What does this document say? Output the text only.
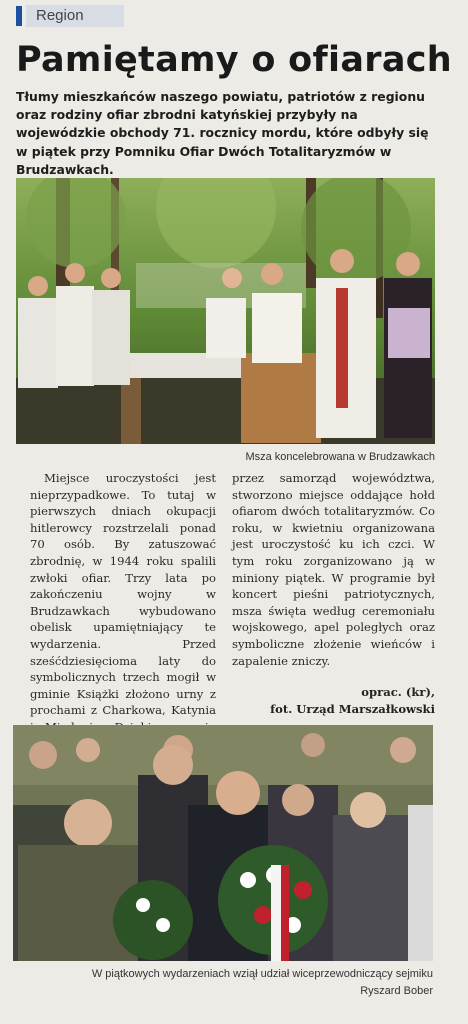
Region
Pamiętamy o ofiarach

Tłumy mieszkańców naszego powiatu, patriotów z regionu oraz rodziny ofiar zbrodni katyńskiej przybyły na wojewódzkie obchody 71. rocznicy mordu, które odbyły się w piątek przy Pomniku Ofiar Dwóch Totalitaryzmów w Brudzawkach.

Msza koncelebrowana w Brudzawkach

Miejsce uroczystości jest nieprzypadkowe. To tutaj w pierwszych dniach okupacji hitlerowcy rozstrzelali ponad 70 osób. By zatuszować zbrodnię, w 1944 roku spalili zwłoki ofiar. Trzy lata po zakończeniu wojny w Brudzawkach wybudowano obelisk upamiętniający te wydarzenia. Przed sześćdziesięcioma laty do symbolicznych trzech mogił w gminie Książki złożono urny z prochami z Charkowa, Katynia

przez samorząd województwa, stworzono miejsce oddające hołd ofiarom dwóch totalitaryzmów. Co roku, w kwietniu organizowana jest uroczystość ku ich czci. W tym roku zorganizowano ją w miniony piątek. W programie był koncert pieśni patriotycznych, msza święta według ceremoniału wojskowego, apel poległych oraz symboliczne złożenie wieńców i zapalenie zniczy.

oprac. (kr),
fot. Urząd Marszałkowski
W piątkowych wydarzeniach wziął udział wiceprzewodniczący sejmiku
Ryszard Bober
